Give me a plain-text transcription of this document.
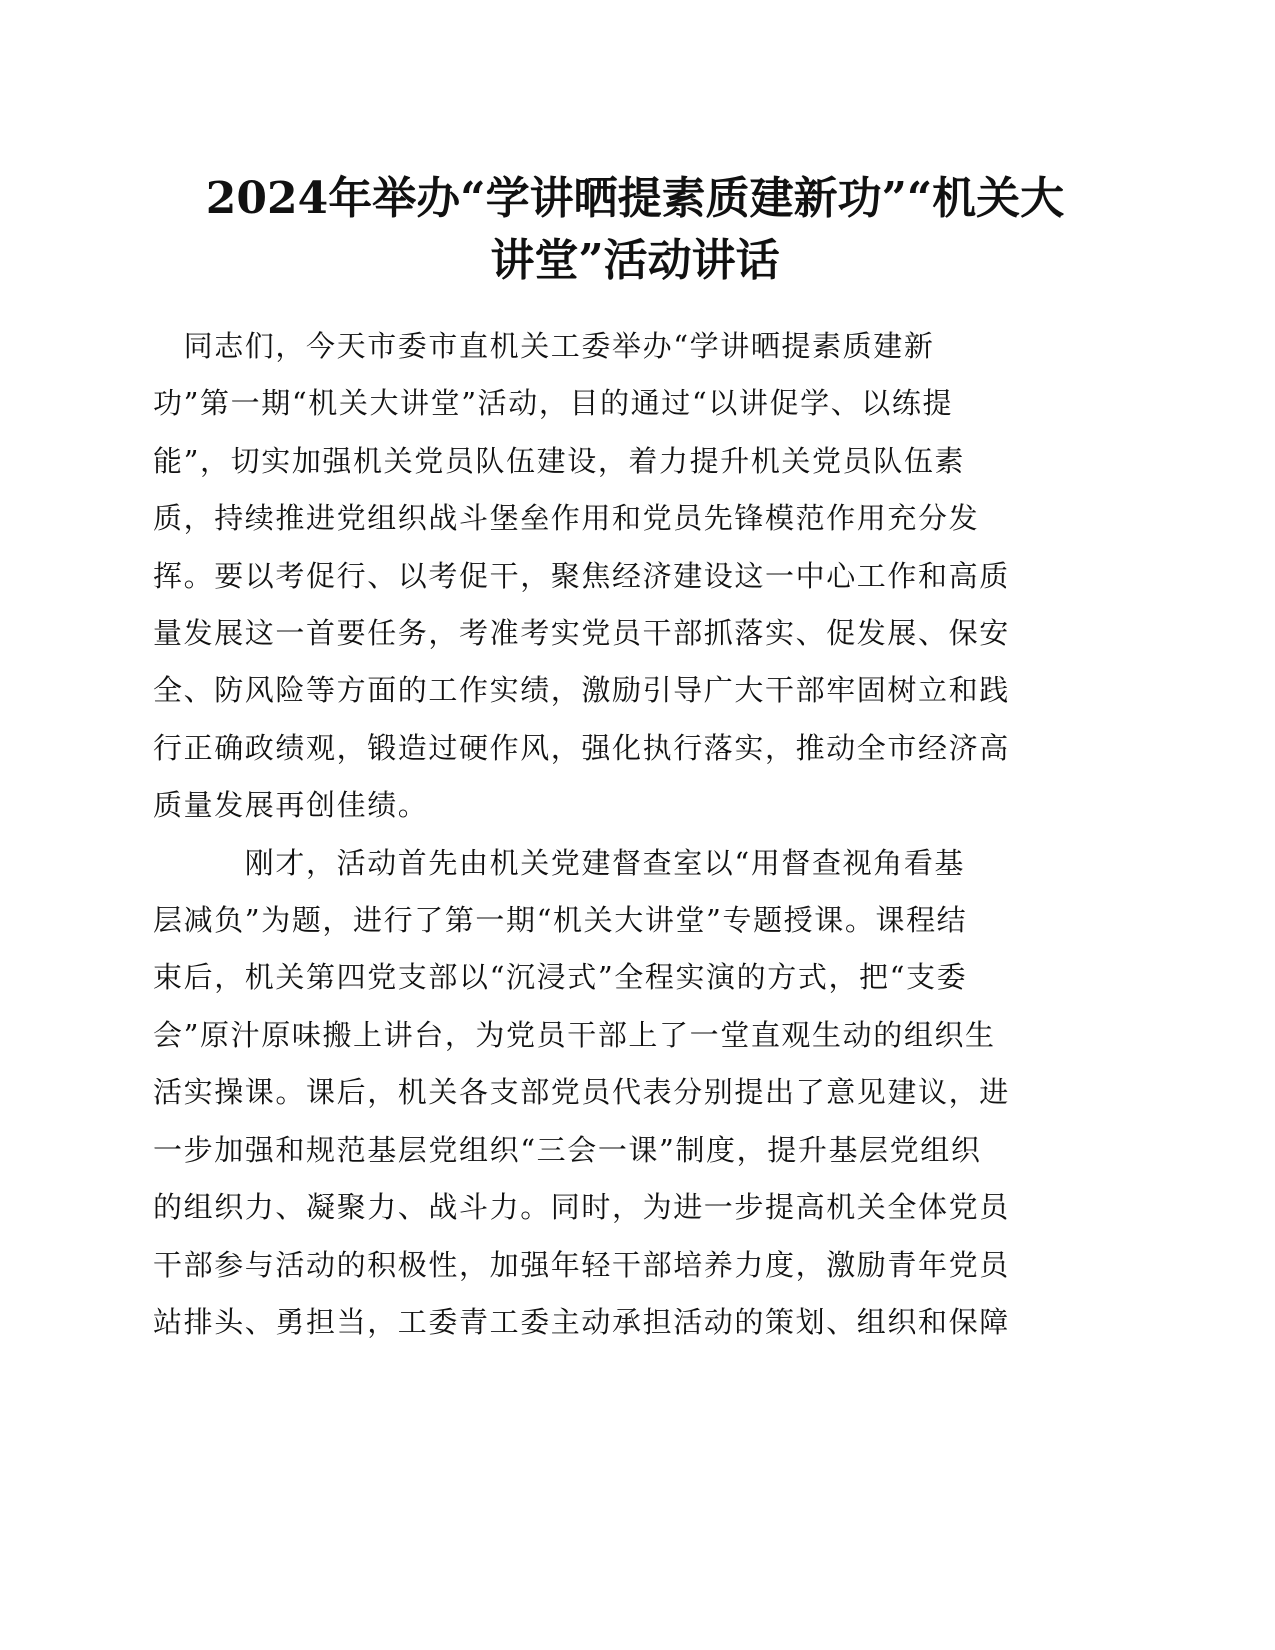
2024年举办“学讲晒提素质建新功”“机关大
讲堂”活动讲话

　同志们，今天市委市直机关工委举办“学讲晒提素质建新
功”第一期“机关大讲堂”活动，目的通过“以讲促学、以练提
能”，切实加强机关党员队伍建设，着力提升机关党员队伍素
质，持续推进党组织战斗堡垒作用和党员先锋模范作用充分发
挥。要以考促行、以考促干，聚焦经济建设这一中心工作和高质
量发展这一首要任务，考准考实党员干部抓落实、促发展、保安
全、防风险等方面的工作实绩，激励引导广大干部牢固树立和践
行正确政绩观，锻造过硬作风，强化执行落实，推动全市经济高
质量发展再创佳绩。

　　　刚才，活动首先由机关党建督查室以“用督查视角看基
层减负”为题，进行了第一期“机关大讲堂”专题授课。课程结
束后，机关第四党支部以“沉浸式”全程实演的方式，把“支委
会”原汁原味搬上讲台，为党员干部上了一堂直观生动的组织生
活实操课。课后，机关各支部党员代表分别提出了意见建议，进
一步加强和规范基层党组织“三会一课”制度，提升基层党组织
的组织力、凝聚力、战斗力。同时，为进一步提高机关全体党员
干部参与活动的积极性，加强年轻干部培养力度，激励青年党员
站排头、勇担当，工委青工委主动承担活动的策划、组织和保障
